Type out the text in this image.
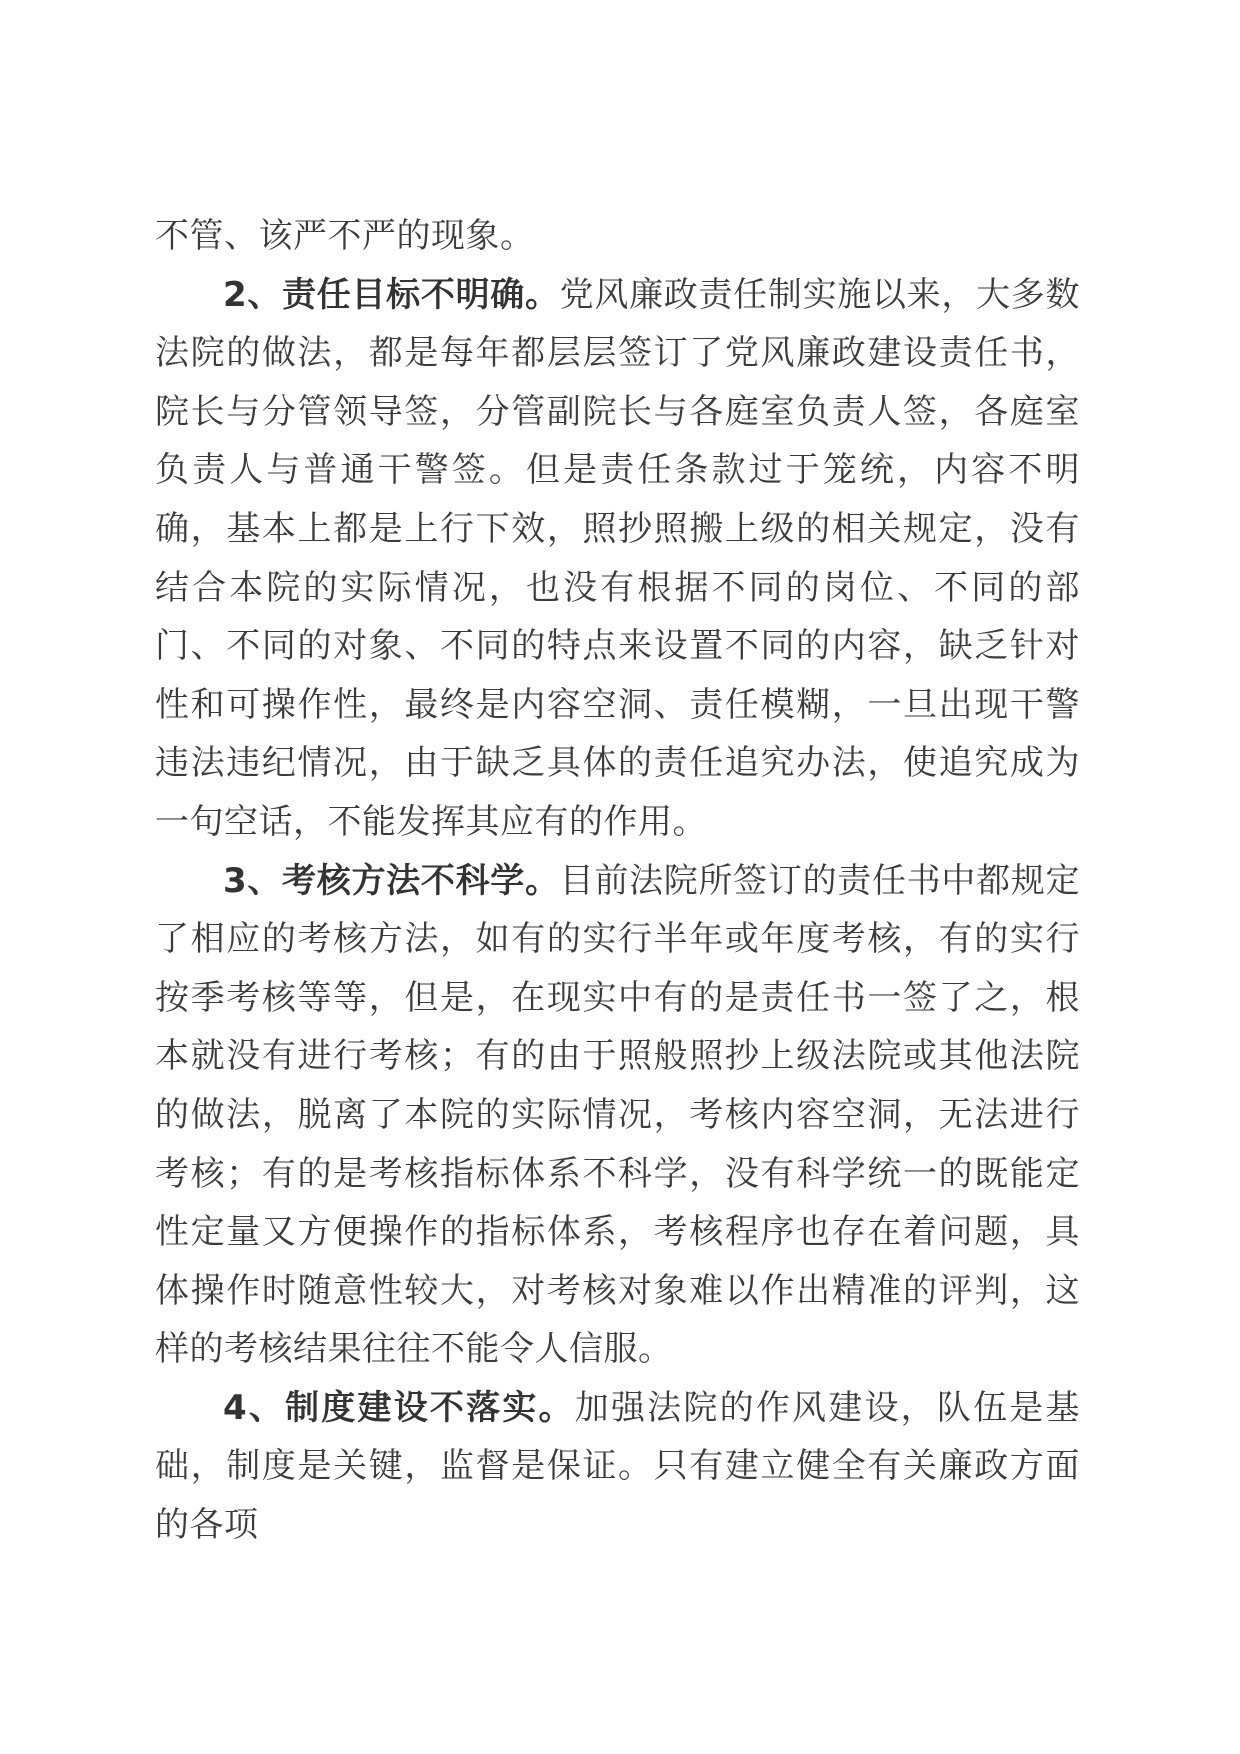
不管、该严不严的现象。

2、责任目标不明确。党风廉政责任制实施以来，大多数法院的做法，都是每年都层层签订了党风廉政建设责任书，院长与分管领导签，分管副院长与各庭室负责人签，各庭室负责人与普通干警签。但是责任条款过于笼统，内容不明确，基本上都是上行下效，照抄照搬上级的相关规定，没有结合本院的实际情况，也没有根据不同的岗位、不同的部门、不同的对象、不同的特点来设置不同的内容，缺乏针对性和可操作性，最终是内容空洞、责任模糊，一旦出现干警违法违纪情况，由于缺乏具体的责任追究办法，使追究成为一句空话，不能发挥其应有的作用。

3、考核方法不科学。目前法院所签订的责任书中都规定了相应的考核方法，如有的实行半年或年度考核，有的实行按季考核等等，但是，在现实中有的是责任书一签了之，根本就没有进行考核；有的由于照般照抄上级法院或其他法院的做法，脱离了本院的实际情况，考核内容空洞，无法进行考核；有的是考核指标体系不科学，没有科学统一的既能定性定量又方便操作的指标体系，考核程序也存在着问题，具体操作时随意性较大，对考核对象难以作出精准的评判，这样的考核结果往往不能令人信服。

4、制度建设不落实。加强法院的作风建设，队伍是基础，制度是关键，监督是保证。只有建立健全有关廉政方面的各项
